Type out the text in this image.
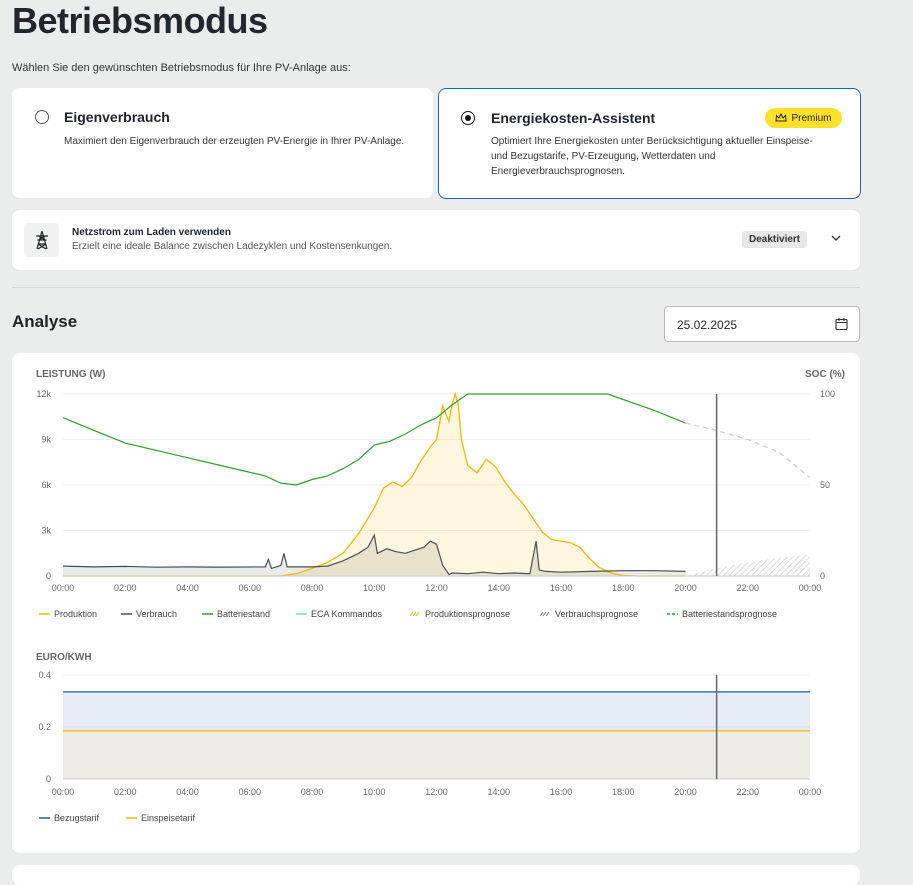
Betriebsmodus
Wählen Sie den gewünschten Betriebsmodus für Ihre PV-Anlage aus:
Eigenverbrauch
Maximiert den Eigenverbrauch der erzeugten PV-Energie in Ihrer PV-Anlage.
Energiekosten-Assistent	Premium
Optimiert Ihre Energiekosten unter Berücksichtigung aktueller Einspeise-
und Bezugstarife, PV-Erzeugung, Wetterdaten und
Energieverbrauchsprognosen.
Netzstrom zum Laden verwenden
Erzielt eine ideale Balance zwischen Ladezyklen und Kostensenkungen.
Deaktiviert
Analyse	25.02.2025
LEISTUNG (W)	SOC (%)
12k
9k
6k
3k
0
100
50
0
00:00	02:00	04:00	06:00	08:00	10:00	12:00	14:00	16:00	18:00	20:00	22:00	00:00
Produktion	Verbrauch	Batteriestand	ECA Kommandos	Produktionsprognose	Verbrauchsprognose	Batteriestandsprognose
EURO/KWH
0.4
0.2
0
00:00	02:00	04:00	06:00	08:00	10:00	12:00	14:00	16:00	18:00	20:00	22:00	00:00
Bezugstarif	Einspeisetarif
